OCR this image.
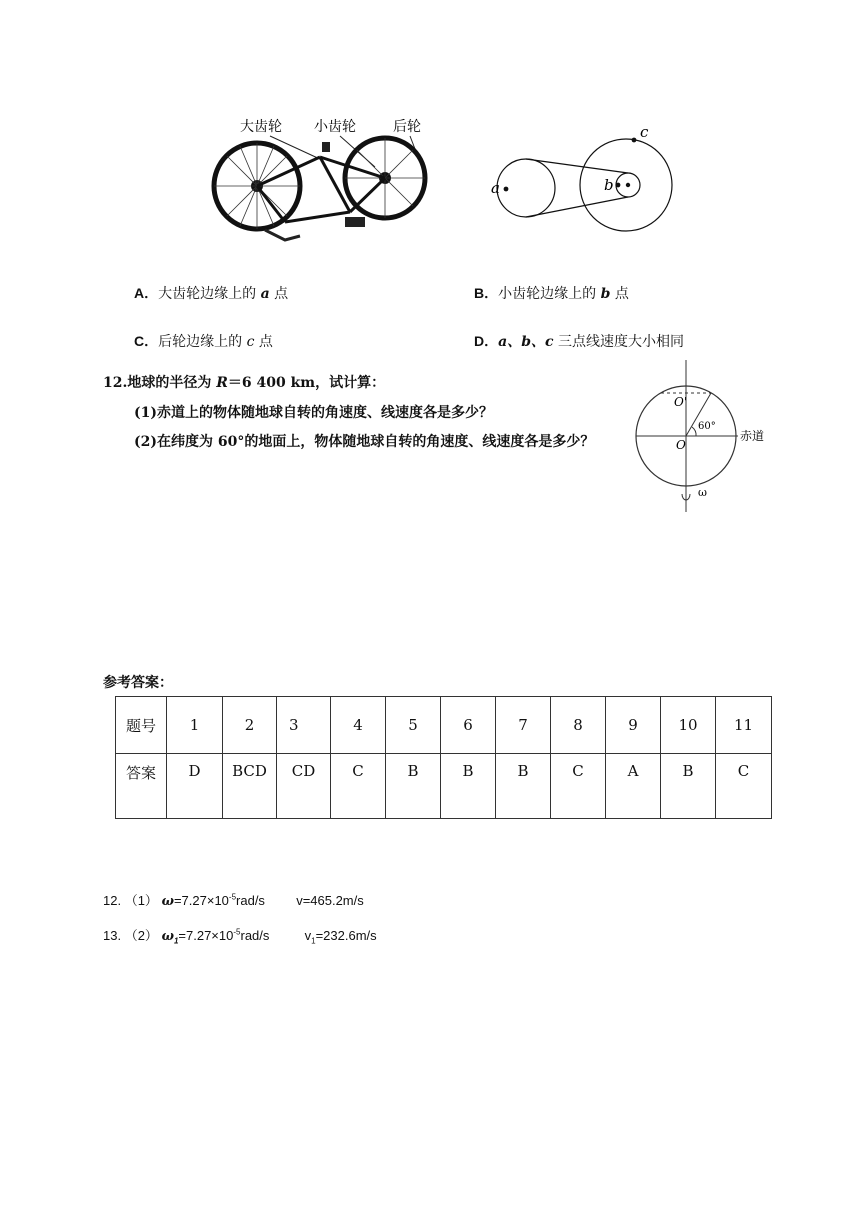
大齿轮 小齿轮	后轮
a	b
c
A．大齿轮边缘上的 a 点	B．小齿轮边缘上的 b 点
C．后轮边缘上的 c 点	D．a、b、c 三点线速度大小相同
12.地球的半径为 R＝6 400 km，试计算：
(1)赤道上的物体随地球自转的角速度、线速度各是多少？
(2)在纬度为 60°的地面上，物体随地球自转的角速度、线速度各是多少？
O'
O
60°
赤道
ω
参考答案：
题号	1	2	3	4	5	6	7	8	9	10	11
答案	D	BCD	CD	C	B	B	B	C	A	B	C
12. （1） $\omega=7.27\times 10^{-5}rad/s$ v=465.2m/s
13. （2） $\omega_1=7.27\times 10^{-5}rad/s$	$v_1=232.6m/s$
